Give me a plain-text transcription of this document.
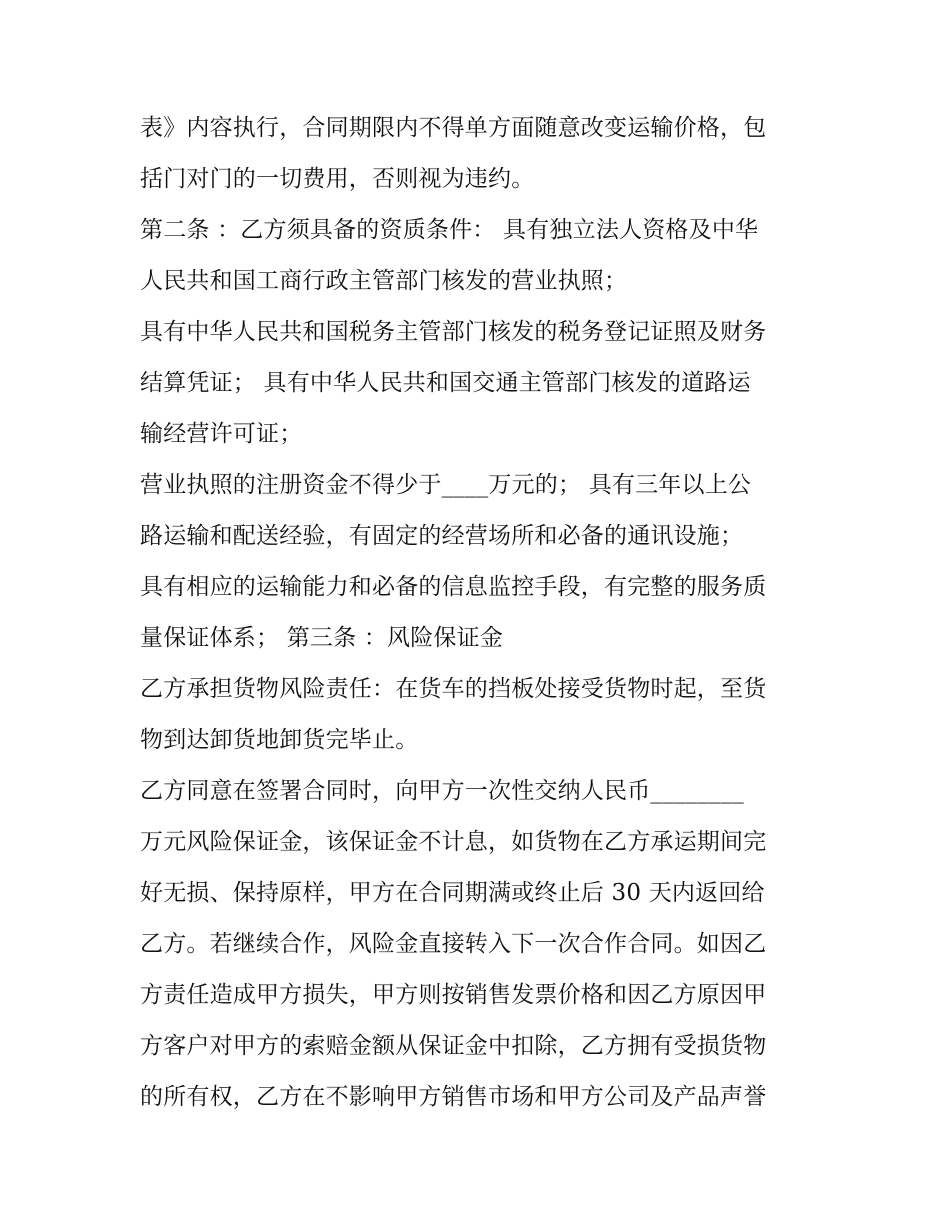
表》内容执行，合同期限内不得单方面随意改变运输价格，包
括门对门的一切费用，否则视为违约。
第二条 ：乙方须具备的资质条件： 具有独立法人资格及中华
人民共和国工商行政主管部门核发的营业执照；
具有中华人民共和国税务主管部门核发的税务登记证照及财务
结算凭证； 具有中华人民共和国交通主管部门核发的道路运
输经营许可证；
营业执照的注册资金不得少于____万元的； 具有三年以上公
路运输和配送经验，有固定的经营场所和必备的通讯设施；
具有相应的运输能力和必备的信息监控手段，有完整的服务质
量保证体系； 第三条 ：风险保证金
乙方承担货物风险责任：在货车的挡板处接受货物时起，至货
物到达卸货地卸货完毕止。
乙方同意在签署合同时，向甲方一次性交纳人民币________
万元风险保证金，该保证金不计息，如货物在乙方承运期间完
好无损、保持原样，甲方在合同期满或终止后 30 天内返回给
乙方。若继续合作，风险金直接转入下一次合作合同。如因乙
方责任造成甲方损失，甲方则按销售发票价格和因乙方原因甲
方客户对甲方的索赔金额从保证金中扣除，乙方拥有受损货物
的所有权，乙方在不影响甲方销售市场和甲方公司及产品声誉
